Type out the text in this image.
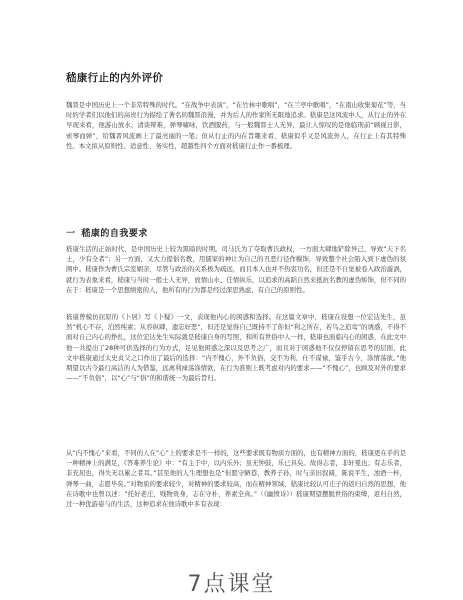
嵇康行止的内外评价

魏晋是中国历史上一个非常特殊的时代。“在战争中表演”，“在竹林中歌唱”，“在兰亭中歌唱”，“在南山收集菊花”等，当时的学者们以他们的高贵行为描绘了著名的魏晋浪漫，并为后人的作家所无限地追求。嵇康是这风流中人，从行止的外在早现来看，他游山放水、清谈辩难，弹琴啸咏，饮酒服药，与一般魏晋士人无异，最让人惊叹的是他临刑前“顾视日影，索琴而弹”，给魏晋风流画上了最亮丽的一笔；但从行止的内在旨趣来看，嵇康似乎又是风流外人，在行止上有其特殊性。本文拟从原则性、适意性、务实性，超越性四个方面对嵇康行止作一番梳理。

一 嵇康的自我要求

嵇康生活的正始时代，是中国历史上较为黑暗的时期。司马氏为了夺取曹氏政权，一方面大肆地铲除异己，导致“天下名士，少有全者”；另一方面，又大力提倡名教，用儒家的神让为自己的丑恶行径作幌饰，导致整个社会陷入到下虚伪的氛围中。嵇康作为曹氏宗室姻亲，尽管与政治的关系极为疏远，而且本人也并不热衷功名，但还是不自觉被卷入政治漩涡，就行为表象来看，嵇康与当时一般士人无异，放情山水、任情纵乐，以追求的高蹈自然来抵抗名教的虚伪矫饰，但不同的在于：嵇康是一个思想缜密的人，他所有的行为都是经过深思熟虑，有自己的原则性。

嵇康曾模仿屈原的《卜居》写《卜疑》一文，表现他内心的困惑和选择。在这篇文章中，嵇康在设想一位宏达先生，虽然“机心不存，泊然纯素；从容纵肆，遗忘好恶”，但还是觉得自己既持不了你但“利之所在，若鸟之追鸾”的诱惑，不得不面对自己内心的挣扎，这位宏达先生实际就是嵇康自身的写照，和所有世俗中人一样，嵇康也面临内心的困惑，在此文中他一共提出了28种可供选择的行为方式，足见他困惑之深以及思考之广，而且对于困惑他不仅仅停留在思考的层面，此文中嵇康通过太史贞父之口作出了最后的选择：“内不愧心，外不负俗，交不为利，仕不谋禄，鉴乎古今，涤情荡欲。”他期望以古今最行高洁的人为借鉴，远离利禄荡涤情欲，在行为准则上既考虑对内的要求——“不愧心”，也顾及对外的要求——“不负俗”，以“心”与“俗”的和谐统一为最后旨归。

从“内不愧心”来看，不同的人在“心”上的要求是不一样的，这些要求既有物质方面的，也有精神方面的，嵇康更在乎的是一种精神上的满足，《答难养生论》中：“有主于中，以内乐外；虽无钟鼓，乐已具矣。故得志者，非轩冕也；有志乐者，非充屈也，得失无以累之者耳。”甚至他的人生理想也是“但愿守陋巷，教养子孙，时与亲旧叙阔，陈说平生，浊酒一杯，弹琴一曲，志愿毕矣。”对物质的要求较少，对精神的要求较高，而在精神领域，嵇康比较认可庄子的返归自然的思想，他在诗歌中也曾以述：“托好老庄，贱物贵身，志在守朴，养素全真。”（《幽愤诗》）嵇康期望摆脱世俗的束缚，返归自然，过一种优游姿与的生活，这种追求在他诗歌中多有表现：

7点课堂
